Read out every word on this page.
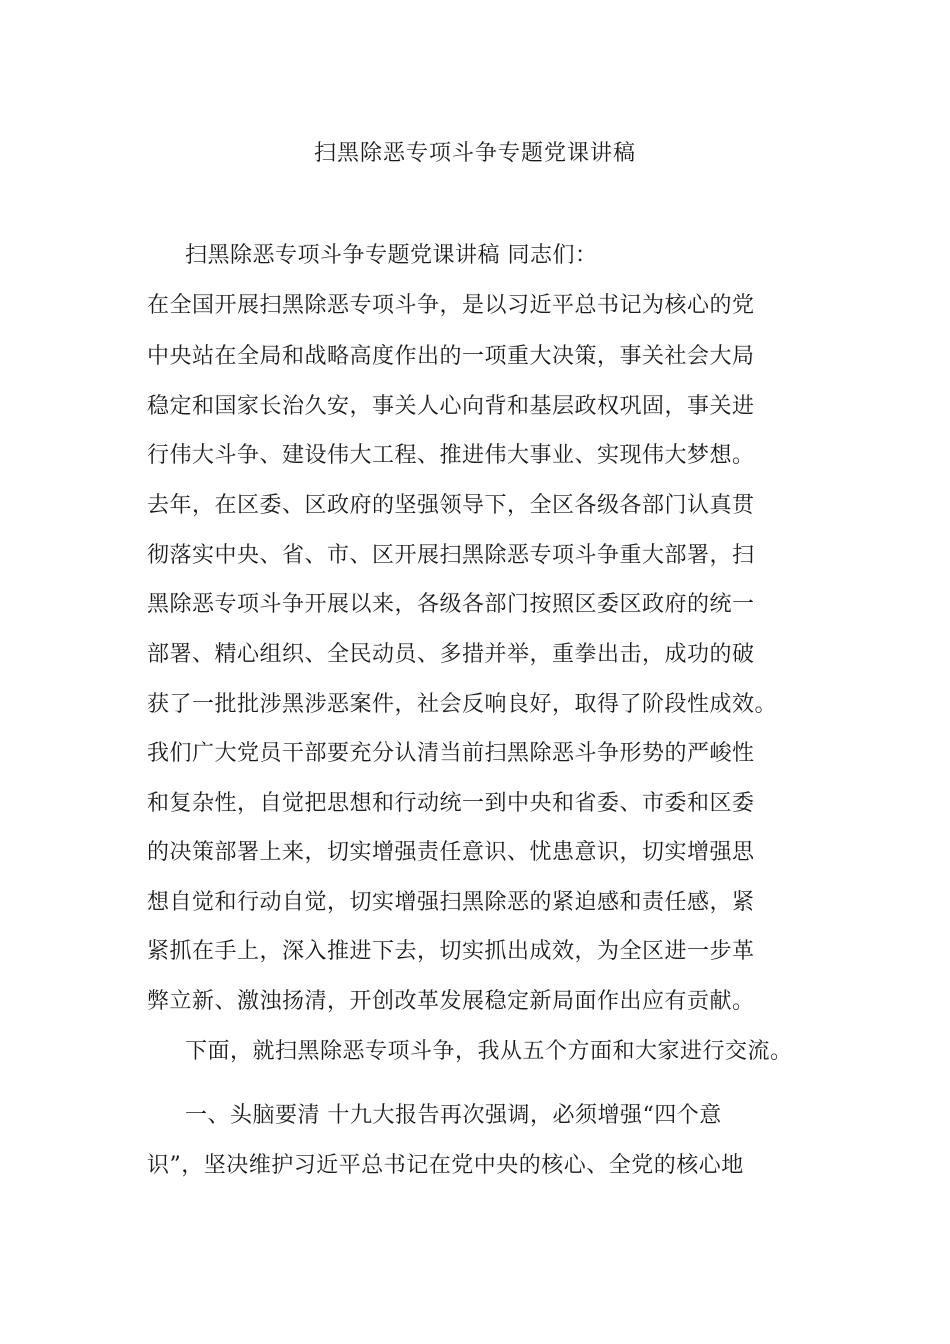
扫黑除恶专项斗争专题党课讲稿
扫黑除恶专项斗争专题党课讲稿 同志们：
在全国开展扫黑除恶专项斗争，是以习近平总书记为核心的党
中央站在全局和战略高度作出的一项重大决策，事关社会大局
稳定和国家长治久安，事关人心向背和基层政权巩固，事关进
行伟大斗争、建设伟大工程、推进伟大事业、实现伟大梦想。
去年，在区委、区政府的坚强领导下，全区各级各部门认真贯
彻落实中央、省、市、区开展扫黑除恶专项斗争重大部署，扫
黑除恶专项斗争开展以来，各级各部门按照区委区政府的统一
部署、精心组织、全民动员、多措并举，重拳出击，成功的破
获了一批批涉黑涉恶案件，社会反响良好，取得了阶段性成效。
我们广大党员干部要充分认清当前扫黑除恶斗争形势的严峻性
和复杂性，自觉把思想和行动统一到中央和省委、市委和区委
的决策部署上来，切实增强责任意识、忧患意识，切实增强思
想自觉和行动自觉，切实增强扫黑除恶的紧迫感和责任感，紧
紧抓在手上，深入推进下去，切实抓出成效，为全区进一步革
弊立新、激浊扬清，开创改革发展稳定新局面作出应有贡献。
下面，就扫黑除恶专项斗争，我从五个方面和大家进行交流。
一、头脑要清 十九大报告再次强调，必须增强“四个意
识”，坚决维护习近平总书记在党中央的核心、全党的核心地
